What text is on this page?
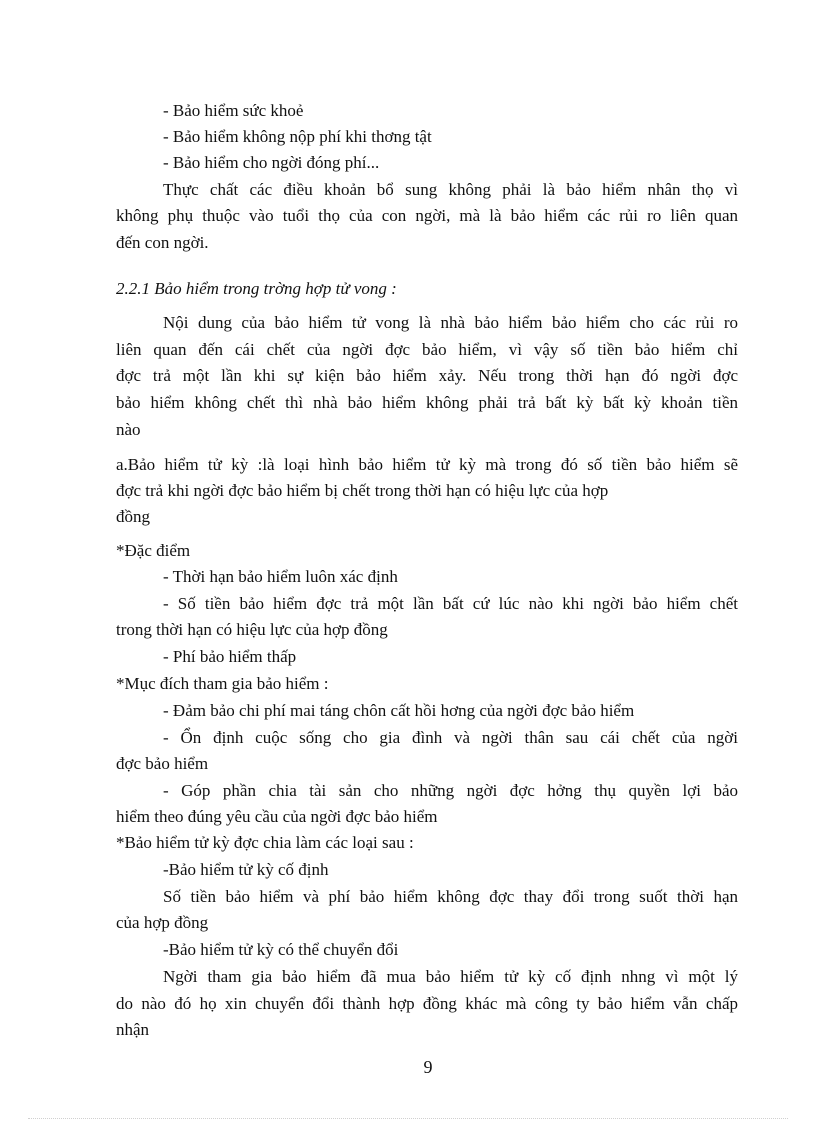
- Bảo hiểm sức khoẻ
- Bảo hiểm không nộp phí khi thơng tật
- Bảo hiểm cho ngời đóng phí...
Thực chất các điều khoản bổ sung không phải là bảo hiểm nhân thọ vì
không phụ thuộc vào tuổi thọ của con ngời, mà là bảo hiểm các rủi ro liên quan
đến con ngời.
2.2.1 Bảo hiểm trong trờng hợp tử vong :
Nội dung của bảo hiểm tử vong là nhà bảo hiểm bảo hiểm cho các rủi ro
liên quan đến cái chết của ngời đợc bảo hiểm, vì vậy số tiền bảo hiểm chỉ
đợc trả một lần khi sự kiện bảo hiểm xảy. Nếu trong thời hạn đó ngời đợc
bảo hiểm không chết thì nhà bảo hiểm không phải trả bất kỳ bất kỳ khoản tiền
nào
a.Bảo hiểm tử kỳ :là loại hình bảo hiểm tử kỳ mà trong đó số tiền bảo hiểm sẽ
đợc trả khi ngời đợc bảo hiểm bị chết trong thời hạn có hiệu lực của hợp
đồng
*Đặc điểm
- Thời hạn bảo hiểm luôn xác định
- Số tiền bảo hiểm đợc trả một lần bất cứ lúc nào khi ngời bảo hiểm chết
trong thời hạn có hiệu lực của hợp đồng
- Phí bảo hiểm thấp
*Mục đích tham gia bảo hiểm :
- Đảm bảo chi phí mai táng chôn cất hồi hơng của ngời đợc bảo hiểm
- Ổn định cuộc sống cho gia đình và ngời thân sau cái chết của ngời
đợc bảo hiểm
- Góp phần chia tài sản cho những ngời đợc hởng thụ quyền lợi bảo
hiểm theo đúng yêu cầu của ngời đợc bảo hiểm
*Bảo hiểm tử kỳ đợc chia làm các loại sau :
-Bảo hiểm tử kỳ cố định
Số tiền bảo hiểm và phí bảo hiểm không đợc thay đổi trong suốt thời hạn
của hợp đồng
-Bảo hiểm tử kỳ có thể chuyển đổi
Ngời tham gia bảo hiểm đã mua bảo hiểm tử kỳ cố định nhng vì một lý
do nào đó họ xin chuyển đổi thành hợp đồng khác mà công ty bảo hiểm vẫn chấp
nhận
9
